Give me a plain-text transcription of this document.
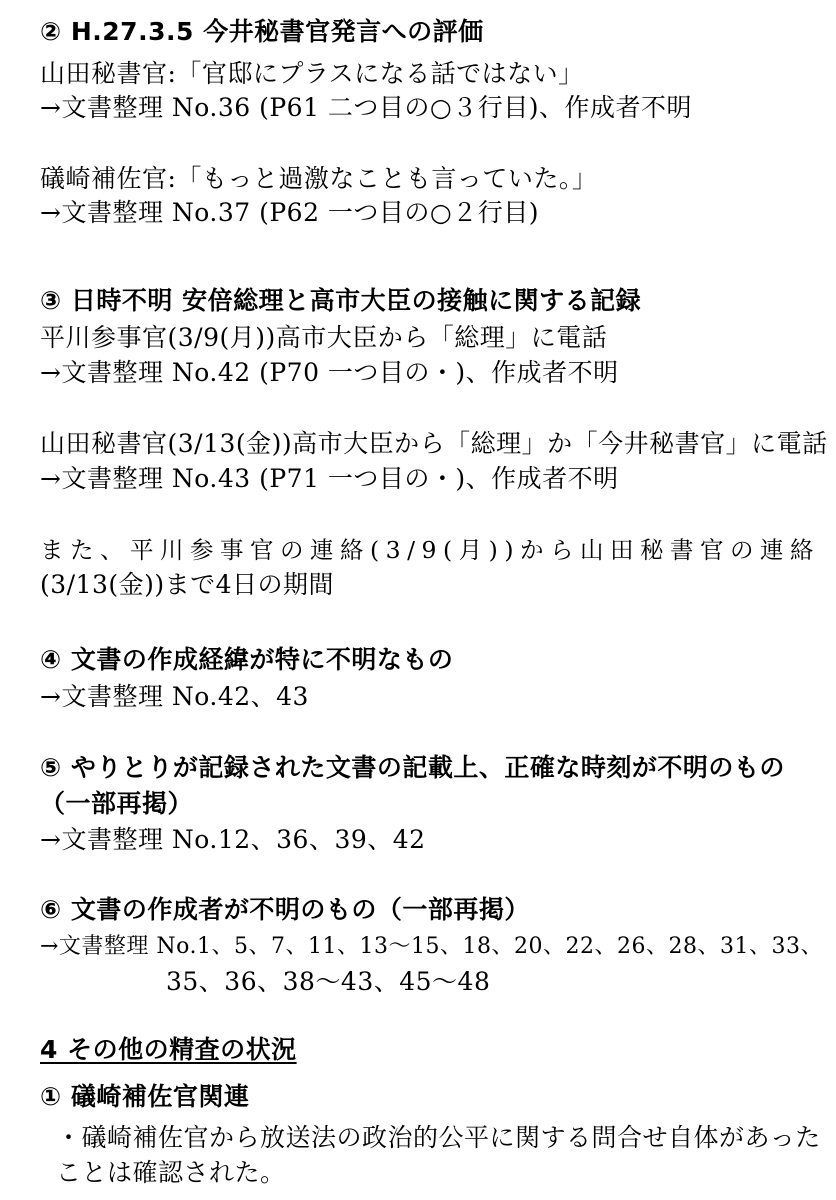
② H.27.3.5 今井秘書官発言への評価
山田秘書官:「官邸にプラスになる話ではない」
→文書整理 No.36 (P61 二つ目の○３行目)、作成者不明
礒崎補佐官:「もっと過激なことも言っていた。」
→文書整理 No.37 (P62 一つ目の○２行目)
③ 日時不明 安倍総理と高市大臣の接触に関する記録
平川参事官(3/9(月))高市大臣から「総理」に電話
→文書整理 No.42 (P70 一つ目の・)、作成者不明
山田秘書官(3/13(金))高市大臣から「総理」か「今井秘書官」に電話
→文書整理 No.43 (P71 一つ目の・)、作成者不明
また、平川参事官の連絡(3/9(月))から山田秘書官の連絡
(3/13(金))まで4日の期間
④ 文書の作成経緯が特に不明なもの
→文書整理 No.42、43
⑤ やりとりが記録された文書の記載上、正確な時刻が不明のもの
（一部再掲）
→文書整理 No.12、36、39、42
⑥ 文書の作成者が不明のもの（一部再掲）
→文書整理 No.1、5、7、11、13〜15、18、20、22、26、28、31、33、
35、36、38〜43、45〜48
4 その他の精査の状況
① 礒崎補佐官関連
・礒崎補佐官から放送法の政治的公平に関する問合せ自体があった
ことは確認された。
